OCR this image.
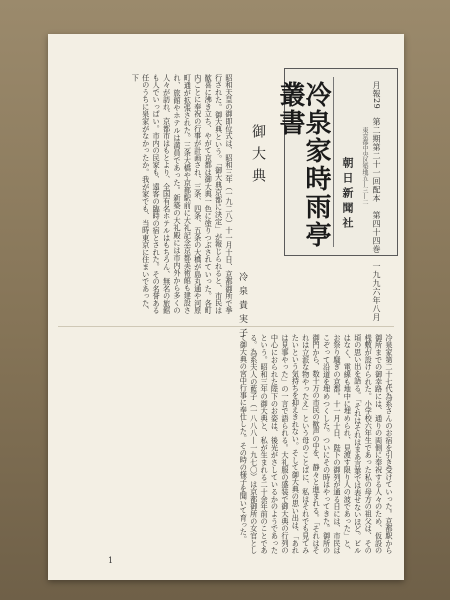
冷泉家時雨亭叢書	月報29　第二期第二十一回配本　第四十四巻　一九九六年八月
東京都中央区築地五―三―二
朝日新聞社
御大典
冷泉貴実子
昭和天皇の御即位式は、昭和三年（一九二八）十一月十日、京都御所で挙行された。御大典という。「御大典京都に決定」が報じられると、市民は歓喜に沸き立ち、やがて京都は御大典一色に塗りつぶされていった。各町内ごとに奉祝の行事が計画され、三条、四条、五条の大橋が島丸通や河原町通が拡張された。三条大橋や京都駅前に大礼記念京都美術館も建設され、旅館やホテルは満員であった。新築の大礼殿には市内外から多くの人々が訪れ、京都市はもとより、全国有名ホテルはもちろん、無名の旅館も人でいっぱい。市内の民家も、遠客の臨時の宿とされた。その名誉ある任のうちに泉家がなかったか。我が家でも、当時東京に住まいであった、下
冷泉家第二十七代為系さんのお宿を引き受けていった。京都駅から御所までの御幸路には、通りの両側に奉祝する人々のため、仮設の桟敷が設けられた。小学校六年生であった私の母方の祖父は、その頃の思い出を語る。「それはそれはまあ言葉では表せないほど。ビルはなく、電線も地中に埋められ、見渡す限り人の波であった」と、お祭り騒ぎの京都。十一月十日、陛下の御列が通る日には、市民はこぞって沿道を埋めつくした。ついにその時はやってきた。御所の御門から、数十万の市民の歓声の中を、静々と進まれる。「それはそれは立派な物やったえ」という母のことばに、私はそれでも見てみたいという気持ちを抑えきれない。そして御大典の思い出は、「あれは見事やった」の一言で語られる。大礼服の盛装で御大典の行列の中心におられた陛下のお姿は、後光がさしているかのようであったという。昭和三年の御大典と、私が生まれる二十余年前のことである。為系夫人の藍子（一八八八―一九七〇）は京都御所の女官として御大典の宮中行事に奉仕した。その時の様子を聞いて育った。
1
